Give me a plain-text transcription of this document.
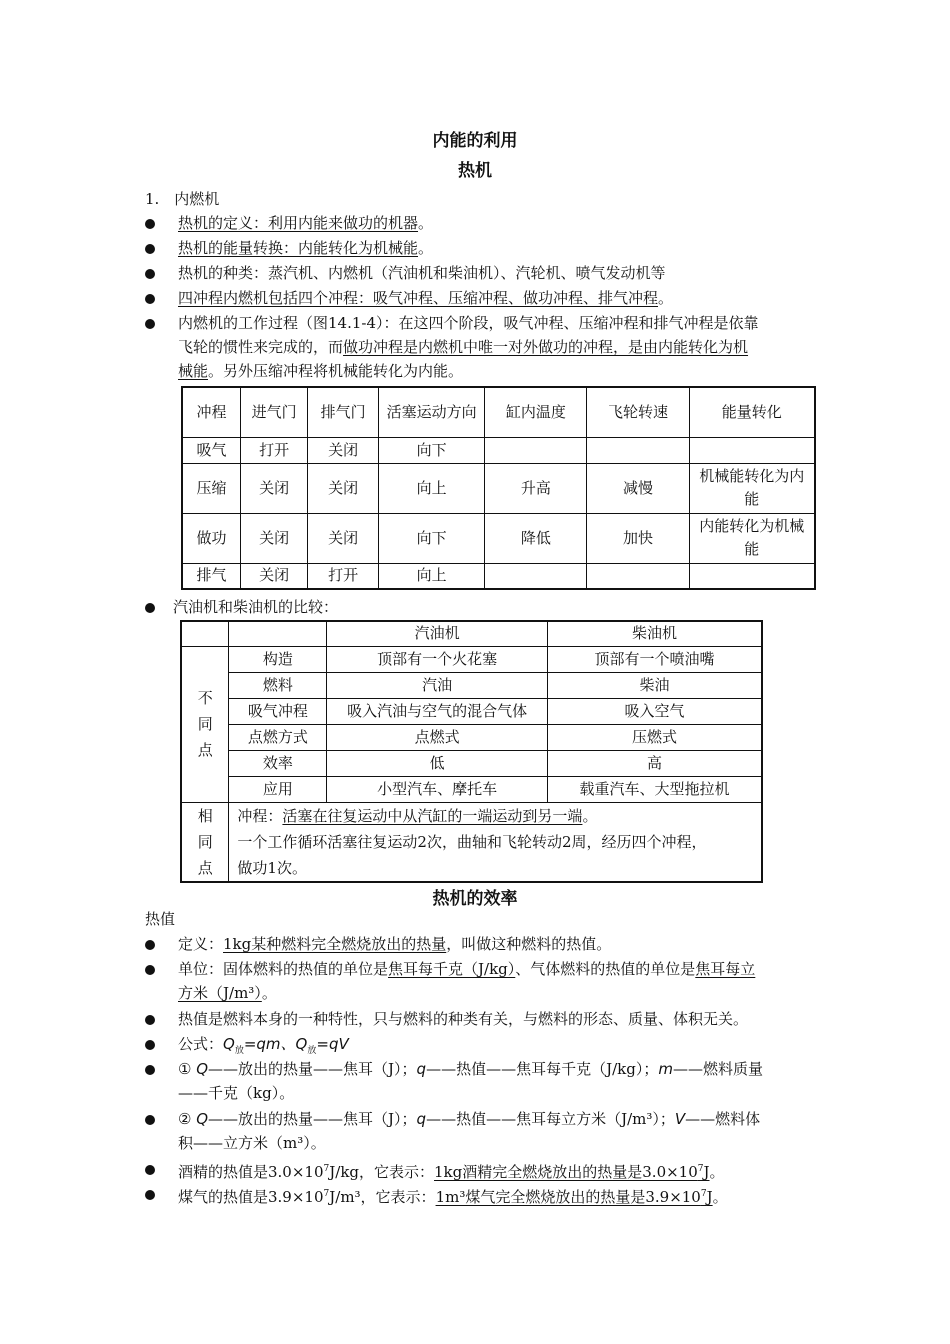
内能的利用
热机
1.　内燃机
热机的定义：利用内能来做功的机器。
热机的能量转换：内能转化为机械能。
热机的种类：蒸汽机、内燃机（汽油机和柴油机）、汽轮机、喷气发动机等
四冲程内燃机包括四个冲程：吸气冲程、压缩冲程、做功冲程、排气冲程。
内燃机的工作过程（图14.1-4）：在这四个阶段，吸气冲程、压缩冲程和排气冲程是依靠
飞轮的惯性来完成的，而做功冲程是内燃机中唯一对外做功的冲程，是由内能转化为机
械能。另外压缩冲程将机械能转化为内能。
冲程	进气门	排气门	活塞运动方向	缸内温度	飞轮转速	能量转化
吸气	打开	关闭	向下			
压缩	关闭	关闭	向上	升高	减慢	机械能转化为内能
做功	关闭	关闭	向下	降低	加快	内能转化为机械能
排气	关闭	打开	向上			
汽油机和柴油机的比较：
		汽油机	柴油机

不同点	构造	顶部有一个火花塞	顶部有一个喷油嘴
	燃料	汽油	柴油
	吸气冲程	吸入汽油与空气的混合气体	吸入空气
	点燃方式	点燃式	压燃式
	效率	低	高
	应用	小型汽车、摩托车	载重汽车、大型拖拉机

相同点	冲程：活塞在往复运动中从汽缸的一端运动到另一端。
一个工作循环活塞往复运动2次，曲轴和飞轮转动2周，经历四个冲程，
做功1次。		
热机的效率
热值
定义：1kg某种燃料完全燃烧放出的热量，叫做这种燃料的热值。
单位：固体燃料的热值的单位是焦耳每千克（J/kg）、气体燃料的热值的单位是焦耳每立
方米（J/m³）。
热值是燃料本身的一种特性，只与燃料的种类有关，与燃料的形态、质量、体积无关。
公式：$Q_放=qm$、$Q_放=qV$
① Q——放出的热量——焦耳（J）；q——热值——焦耳每千克（J/kg）；m——燃料质量
——千克（kg）。
② Q——放出的热量——焦耳（J）；q——热值——焦耳每立方米（J/m³）；V——燃料体
积——立方米（m³）。
酒精的热值是$3.0\times 10^7J/kg$，它表示：1kg酒精完全燃烧放出的热量是$3.0\times 10^7J$。
煤气的热值是$3.9\times 10^7J/m^3$，它表示：1m³煤气完全燃烧放出的热量是$3.9\times 10^7J$。
